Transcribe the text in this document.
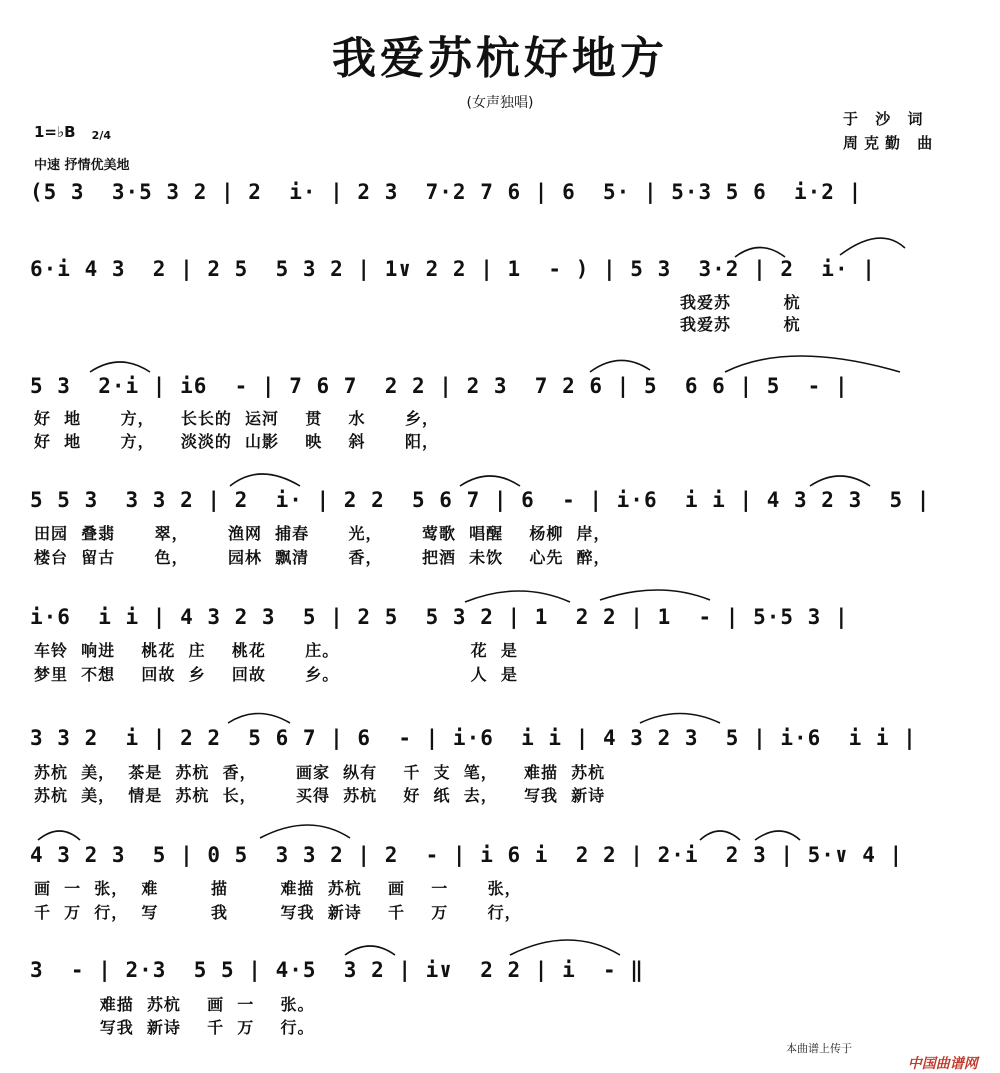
我爱苏杭好地方
(女声独唱)
于 沙 词
周克勤 曲
1=♭B	2/4

中速 抒情优美地
(5 3  3·5 3 2 | 2  i· | 2 3  7·2 7 6 | 6  5· | 5·3 5 6  i·2 |
6·i 4 3  2 | 2 5  5 3 2 | 1∨ 2 2 | 1  - ) | 5 3  3·2 | 2  i· |
我爱苏        杭
我爱苏        杭
5 3  2·i | i6  - | 7 6 7  2 2 | 2 3  7 2 6 | 5  6 6 | 5  - |
好  地      方，    长长的  运河    贯    水      乡，
好  地      方，    淡淡的  山影    映    斜      阳，
5 5 3  3 3 2 | 2  i· | 2 2  5 6 7 | 6  - | i·6  i i | 4 3 2 3  5 |
田园  叠翡      翠，      渔网  捕春      光，      莺歌  唱醒    杨柳  岸，
楼台  留古      色，      园林  飘清      香，      把酒  未饮    心先  醉，
i·6  i i | 4 3 2 3  5 | 2 5  5 3 2 | 1  2 2 | 1  - | 5·5 3 |
车铃  响进    桃花  庄    桃花      庄。                    花  是
梦里  不想    回故  乡    回故      乡。                    人  是
3 3 2  i | 2 2  5 6 7 | 6  - | i·6  i i | 4 3 2 3  5 | i·6  i i |
苏杭  美，  茶是  苏杭  香，      画家  纵有    千  支  笔，    难描  苏杭
苏杭  美，  情是  苏杭  长，      买得  苏杭    好  纸  去，    写我  新诗
4 3 2 3  5 | 0 5  3 3 2 | 2  - | i 6 i  2 2 | 2·i  2 3 | 5·∨ 4 |
画  一  张，  难        描        难描  苏杭    画    一      张，
千  万  行，  写        我        写我  新诗    千    万      行，
3  - | 2·3  5 5 | 4·5  3 2 | i∨  2 2 | i  - ‖
难描  苏杭    画  一    张。
写我  新诗    千  万    行。
本曲谱上传于

中国曲谱网
